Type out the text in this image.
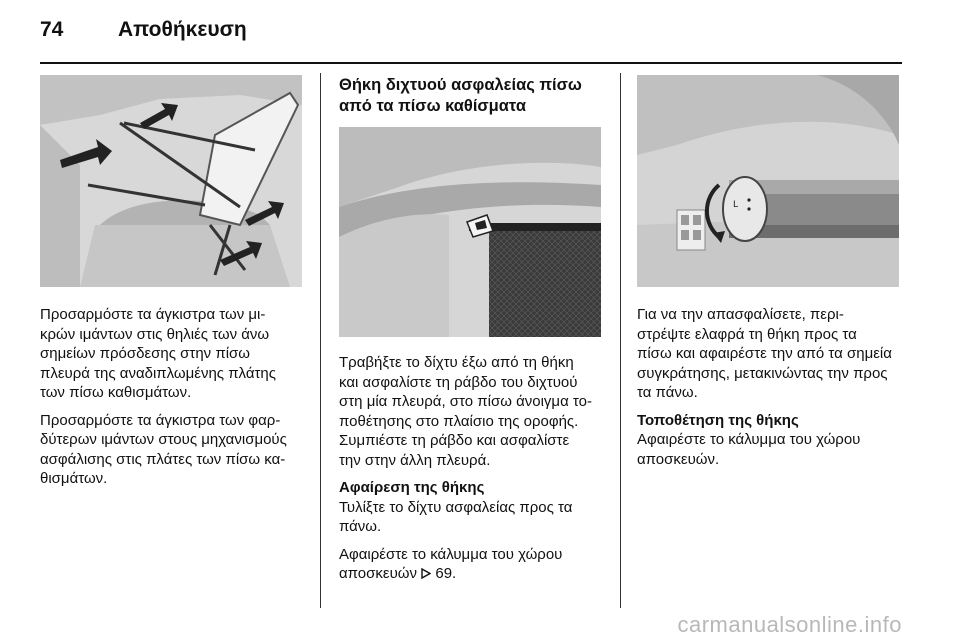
74	Αποθήκευση

Προσαρμόστε τα άγκιστρα των μι-
κρών ιμάντων στις θηλιές των άνω
σημείων πρόσδεσης στην πίσω
πλευρά της αναδιπλωμένης πλάτης
των πίσω καθισμάτων.

Προσαρμόστε τα άγκιστρα των φαρ-
δύτερων ιμάντων στους μηχανισμούς
ασφάλισης στις πλάτες των πίσω κα-
θισμάτων.

Θήκη διχτυού ασφαλείας πίσω
από τα πίσω καθίσματα

Τραβήξτε το δίχτυ έξω από τη θήκη
και ασφαλίστε τη ράβδο του διχτυού
στη μία πλευρά, στο πίσω άνοιγμα το-
ποθέτησης στο πλαίσιο της οροφής.
Συμπιέστε τη ράβδο και ασφαλίστε
την στην άλλη πλευρά.

Αφαίρεση της θήκης

Τυλίξτε το δίχτυ ασφαλείας προς τα
πάνω.

Αφαιρέστε το κάλυμμα του χώρου
αποσκευών 69.

L

Για να την απασφαλίσετε, περι-
στρέψτε ελαφρά τη θήκη προς τα
πίσω και αφαιρέστε την από τα σημεία
συγκράτησης, μετακινώντας την προς
τα πάνω.

Τοποθέτηση της θήκης

Αφαιρέστε το κάλυμμα του χώρου
αποσκευών.

carmanualsonline.info
